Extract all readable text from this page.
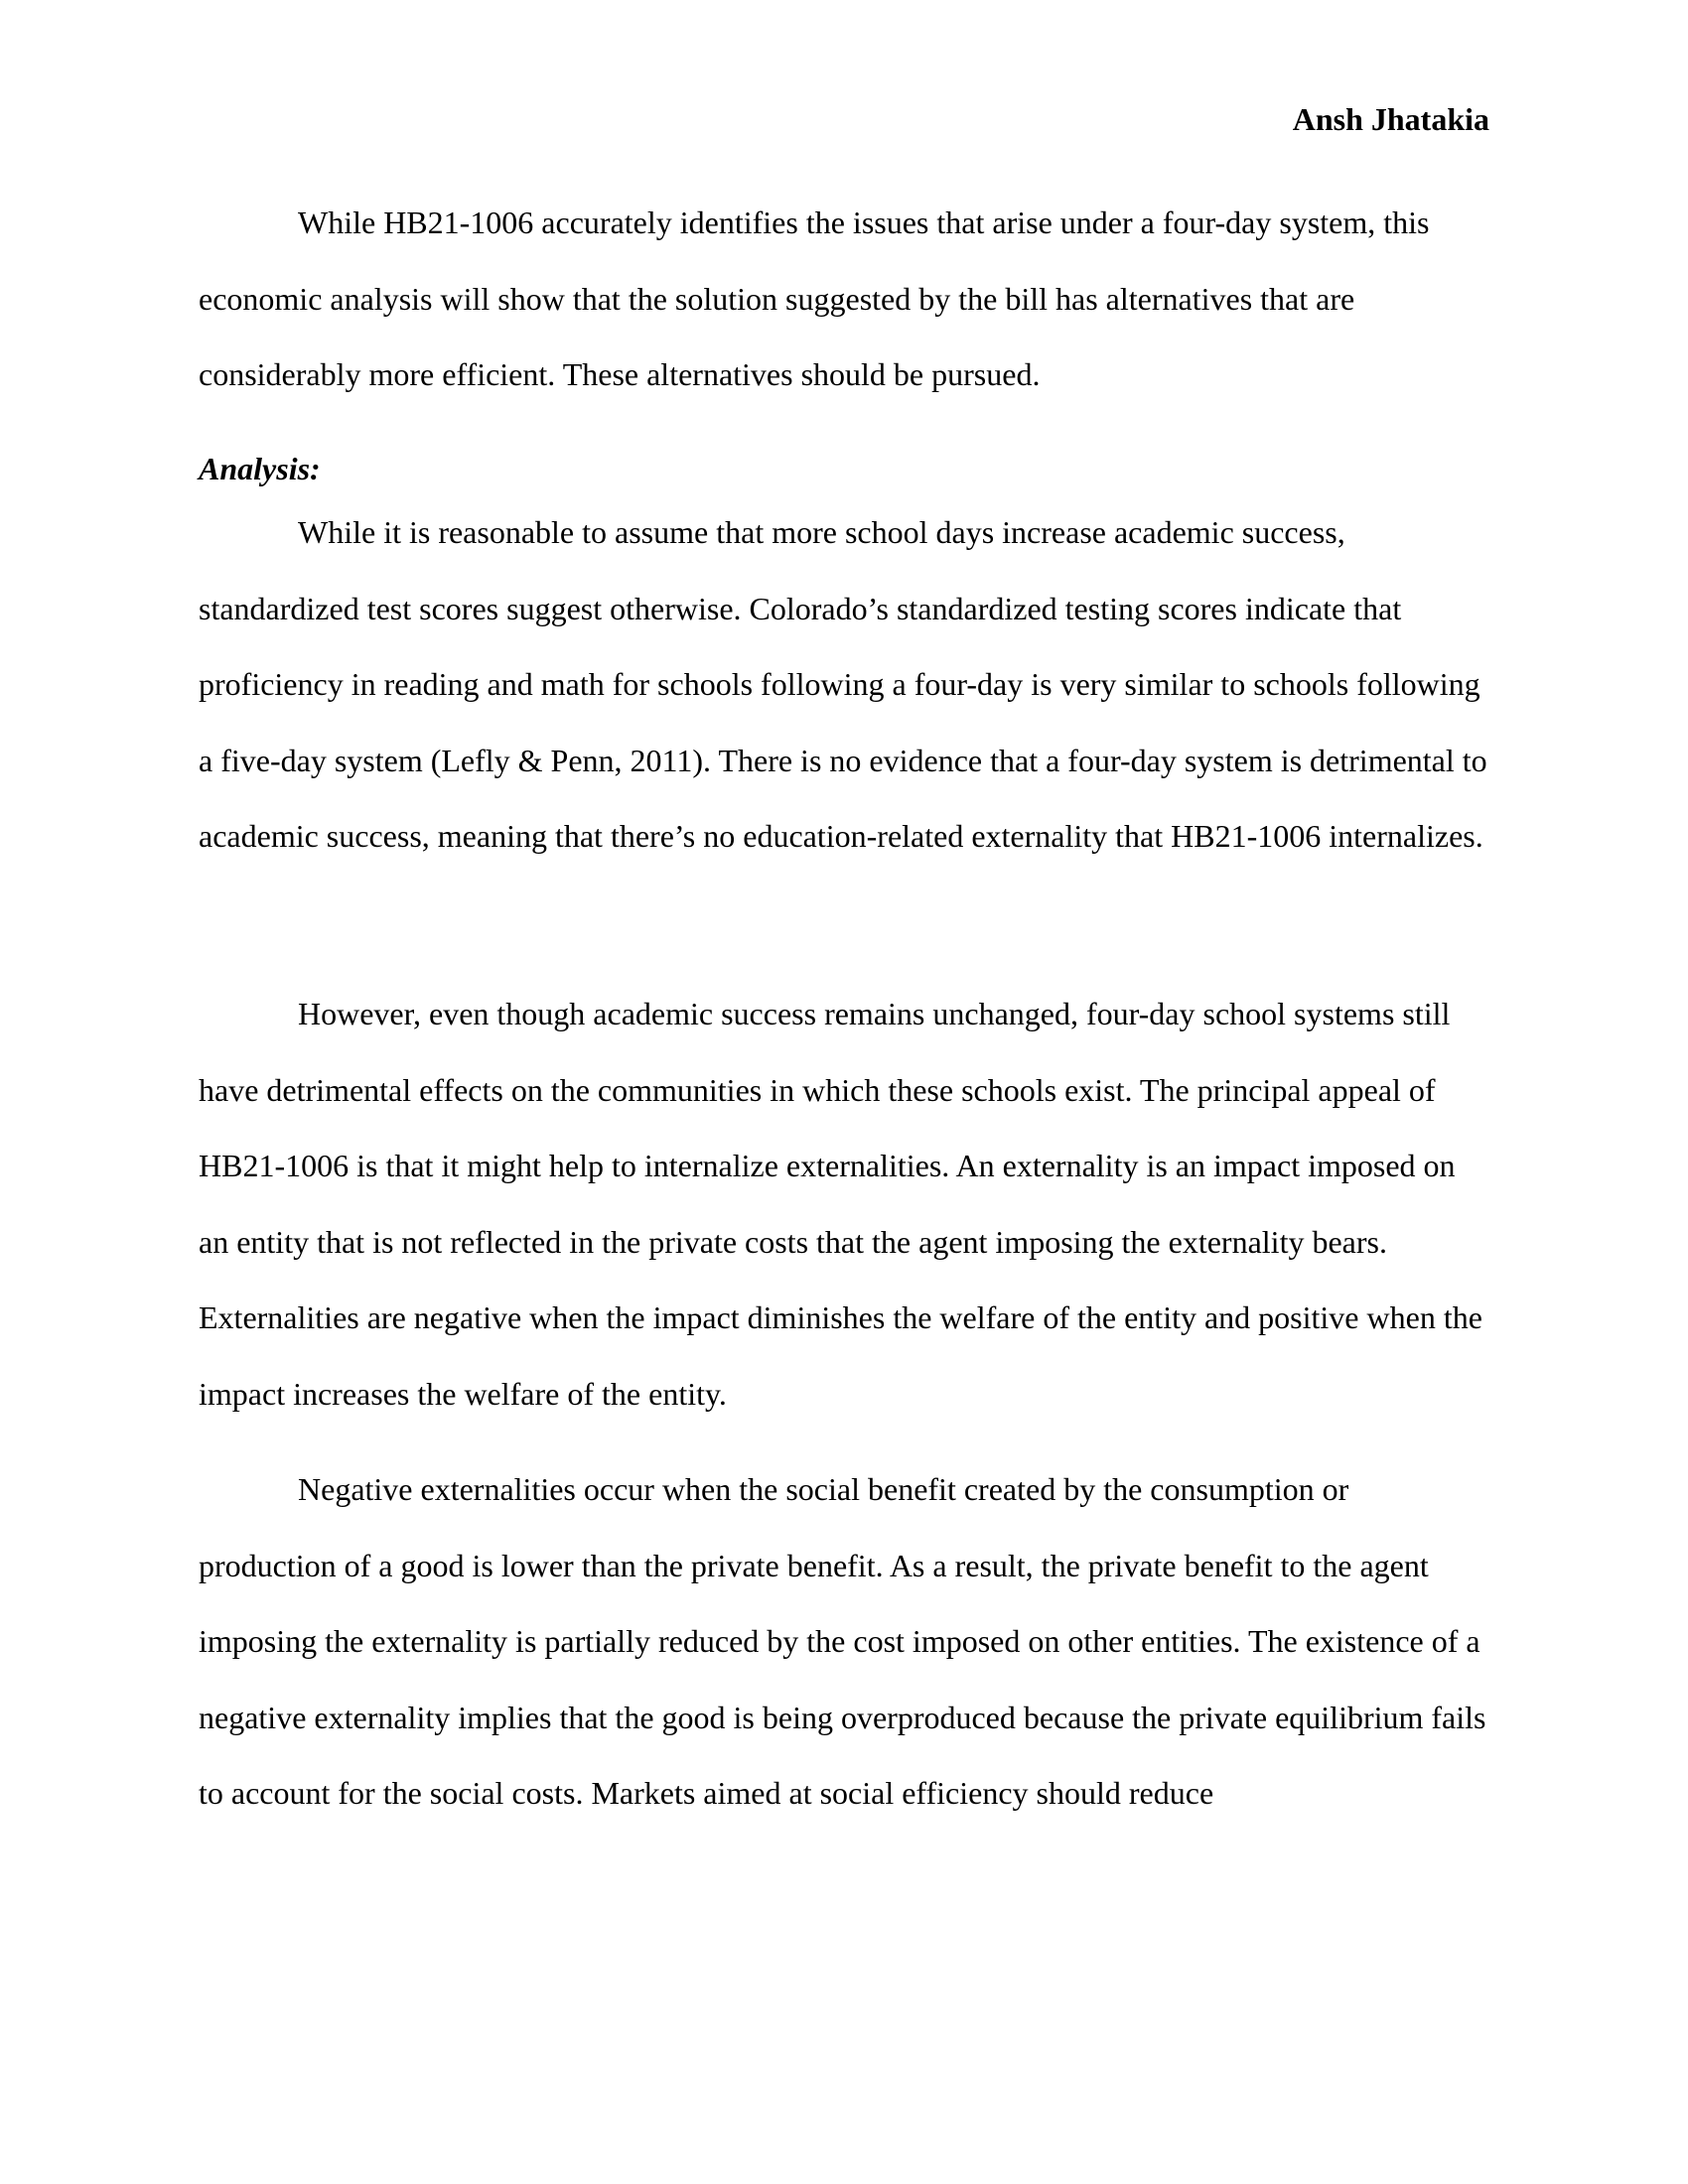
Ansh Jhatakia

While HB21-1006 accurately identifies the issues that arise under a four-day system, this economic analysis will show that the solution suggested by the bill has alternatives that are considerably more efficient. These alternatives should be pursued.

Analysis:

While it is reasonable to assume that more school days increase academic success, standardized test scores suggest otherwise. Colorado’s standardized testing scores indicate that proficiency in reading and math for schools following a four-day is very similar to schools following a five-day system (Lefly & Penn, 2011). There is no evidence that a four-day system is detrimental to academic success, meaning that there’s no education-related externality that HB21-1006 internalizes.

However, even though academic success remains unchanged, four-day school systems still have detrimental effects on the communities in which these schools exist. The principal appeal of HB21-1006 is that it might help to internalize externalities. An externality is an impact imposed on an entity that is not reflected in the private costs that the agent imposing the externality bears. Externalities are negative when the impact diminishes the welfare of the entity and positive when the impact increases the welfare of the entity.

Negative externalities occur when the social benefit created by the consumption or production of a good is lower than the private benefit. As a result, the private benefit to the agent imposing the externality is partially reduced by the cost imposed on other entities. The existence of a negative externality implies that the good is being overproduced because the private equilibrium fails to account for the social costs. Markets aimed at social efficiency should reduce
